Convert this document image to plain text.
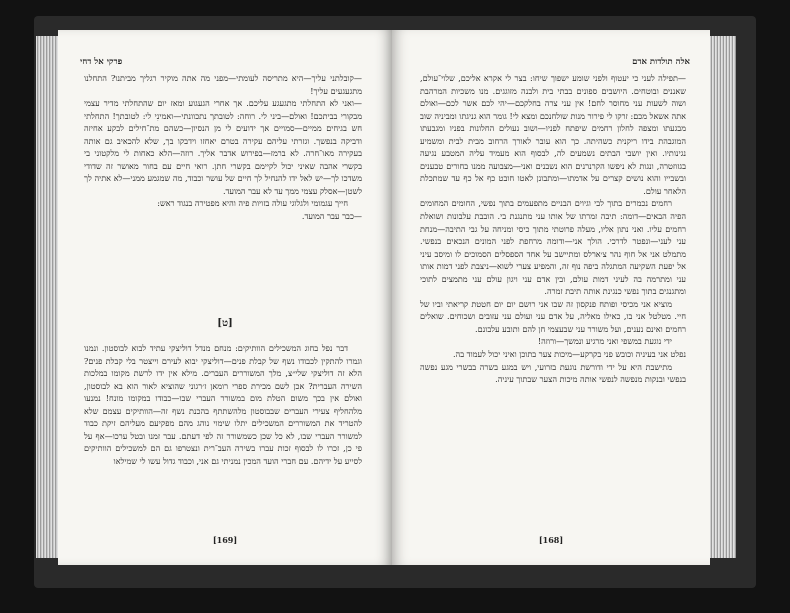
פרקי אל דחי

—קובלתני עליך—היא מתריסה לעומתי—מפני מה אתה מוקיר רגליך מביתנו? התחלנו מתגעגעים עליך!

—ואני לא התחלתי מתגעגע עליכם. אך אחרי הגעגוע ומאז יום שהתחלתי מדיר עצמי מבקורי בביתכם! ואולם—ביני לי. רוחה: לטובתך נתכוונתי—ואמינִי לי: לטובתך! התחלתי חש בגיחים ממיים—סמויים אך ידועים לי מן הנסיון—כשהם מת־חילים לבקע אחיזה ודביקה בנפשך. וגזרתי עליהם עקירה בטרם יאחזו וידבקו בך, שלא להכאיב גם אותה בעקירה מאו־חרה. לא ברמז—בפירוש אדבר אליך. רוזה—הלא כאחות לי מלקטוני בי בקשרי אהבה שאיני יכול לקיימם בקשרי חתן. רואי חיים עם בחור מאושר זה שדודי משדכו לך—יש לאל ידו להנחיל לך חיים של עושר וכבוד, מה שמגמע ממני—לא אתיה לך לשטן—אסלק עצמי ממך עד לא עבר המועד.

חייך עגמומי ולגלוגי עולה בזויות פיה והיא מפטירה בנגוד ראש:

—כבר עבר המועד.

[ט]

דבר נפל בחוג המשכילים הוותיקים: מנחם מנדל דוליצקי עתיד לבוא לבוסטון. ונמנו וגמרו להתקין לכבודו נשף של קבלת פנים—דוליצקי יבוא לעירם וייצטר בלי קבלת פנים? הלא זה דוליצקי שלי״צ, מלך המשוררים העברים. מילא אין ידו לרשת מקומו במלכות השירה העברית? אכן לשם מכירת ספרי רומאן ז׳רגוני שהוציא לאור הוא בא לבוסטון, ואולם אין בכך משום הטלת מום במשורר העברי שבו—כבודו במקומו מונח! נמנעו מלהחליף צעירי העברים שבבוסטון מלהשתתף בהכנת נשף זה—הוותיקים עצמם שלא להטריד את המשוררים המשכילים יתלו שימוי נוהג מהם מפקיעם מעליהם זיקת כבוד למשורר העברי שבו, לא כל שכן כשמשורר זה לפי דעתם. עבר זמנו ובטל ערכו—אף על פי כן, זכרו לו לבסוף זכות עברו בשירה העב־רית ונצטרפו גם הם למשכילים הוותיקים לסייע על ידיהם. עם חברי הועד המכין נמניתי גם אני, וכבוד גדול עשו לי שמילאו

[169]
אלה תולדות אדם

—תפילה לעני כי יעטוף ולפני שומע ישפוך שיחו: בצר לי אקרא אליכם, שלוי־עולם, שאננים ובוטחים. היושבים ספונים בבתי בית ולבנה מזוגגים. מנו משכיות המרהבת ושוה לשעות עני מחוסר לחם! אין עני צרה בחלקכם—יהי לכם אשר לכם—ואולם אתה אשאל מכם: זרקו לי פירור מנות שולחנכם ומצא לי! גומר הוא גניגתו ומביניה שוב מבגעתו ומצפה לחלון רחמים שיפתח לפניו—ושוב נעולים החלונות בפניו ומגבעתו המוגבהת בידו ריקנית כשהיתה. כך הוא עובר לאורך הרחוב מבית לבית ומשמיע נגינותיו. ואין יושבי הבתים נשמעים לה, לבסוף הוא מעמיד עליה המטבע נגיעה בגזוזטרה, ונגות לא ניפשו הקרנרנים הוא נשבנים ואני—מצבועה ממנו בחורים טבענים ובשבייו והוא נושים קצרים על אדמתו—ומתבונן לאטו חובט כף אל כף עד שמתכלת הלאחר עולם.

רחמים נכמרים בתוך לבי וגיוים הבניים מתפעמים בתוך נפשי, החומים המחומים הפיה הבאים—דומה: תיבה זמרתו של אותו עני מתנגנת בי. הובבת עלבונות ושואלת רחמים עליו. ואני נתון אליו, מעלה פרוטתי מתוך כיסי ומניחה על גבי התיבה—מנחת עני לעני—ונפטר לדרכי. הולך אני—ודומה מרחפת לפני המונים הנכאים בנפשי. מתמלט אני אל חוף נהר צ׳ארלס ומתיישב על אחד הספסלים הסמוכים לו ומיסב עיני אל יפעת השקיעה המתגלה ביפה נוף זה, והמפיע צערי לשוא—ניצבת לפני דמות אותו עני ומתרמה בה לעיני דמות עולם, ובין אדם עני ויגון עולם עני מתמצים לתוכי ומתגנגים בתוך נפשי כנגינת אותה תיבת זמרה.

מוציא אני מכיסי ופותח פנקסון זה שבו אני רושם יום יום חטטת קריאתי וביו של חיי. מטלטל אני בו, כאילו מאליה, על אדם עני ועולם עני עזובים ושכוחים. שואלים רחמים ואינם נענים, ועל משורר עני שבעצמי חן להם ותובע עלבונם.

ידי נוגעת במשפי ואני מרגיע ונמשך—ורוזה!

נפלט אני בעיניה וכובש פני בקרקע—מיכות צער בתוכן ואיני יכול לעמוד בה.

מתישבת היא על ידי ודורשת נוגעת בזרועי, ויש במגע בשרה בבשרי מגע נפשה בנפשי ובנקות מנפשה לנפשי אותה מיכות הצער שבתוך עיניה.

[168]
